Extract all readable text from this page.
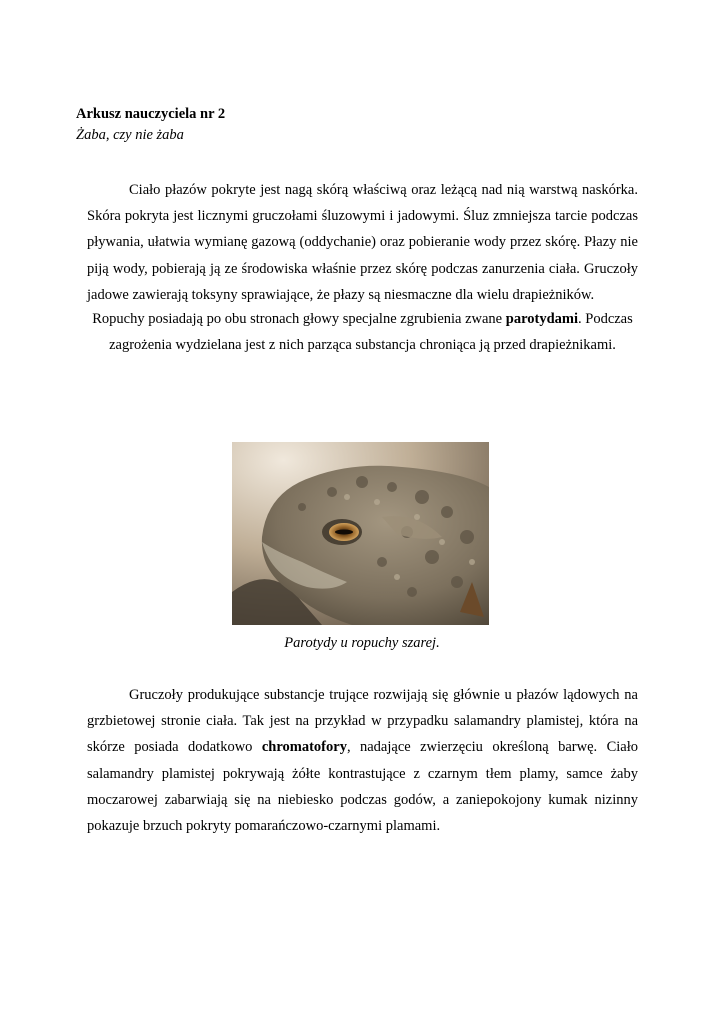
Arkusz nauczyciela nr 2
Żaba, czy nie żaba

Ciało płazów pokryte jest nagą skórą właściwą oraz leżącą nad nią warstwą naskórka. Skóra pokryta jest licznymi gruczołami śluzowymi i jadowymi. Śluz zmniejsza tarcie podczas pływania, ułatwia wymianę gazową (oddychanie) oraz pobieranie wody przez skórę. Płazy nie piją wody, pobierają ją ze środowiska właśnie przez skórę podczas zanurzenia ciała. Gruczoły jadowe zawierają toksyny sprawiające, że płazy są niesmaczne dla wielu drapieżników.

Ropuchy posiadają po obu stronach głowy specjalne zgrubienia zwane parotydami. Podczas zagrożenia wydzielana jest z nich parząca substancja chroniąca ją przed drapieżnikami.

Parotydy u ropuchy szarej.

Gruczoły produkujące substancje trujące rozwijają się głównie u płazów lądowych na grzbietowej stronie ciała. Tak jest na przykład w przypadku salamandry plamistej, która na skórze posiada dodatkowo chromatofory, nadające zwierzęciu określoną barwę. Ciało salamandry plamistej pokrywają żółte kontrastujące z czarnym tłem plamy, samce żaby moczarowej zabarwiają się na niebiesko podczas godów, a zaniepokojony kumak nizinny pokazuje brzuch pokryty pomarańczowo-czarnymi plamami.
